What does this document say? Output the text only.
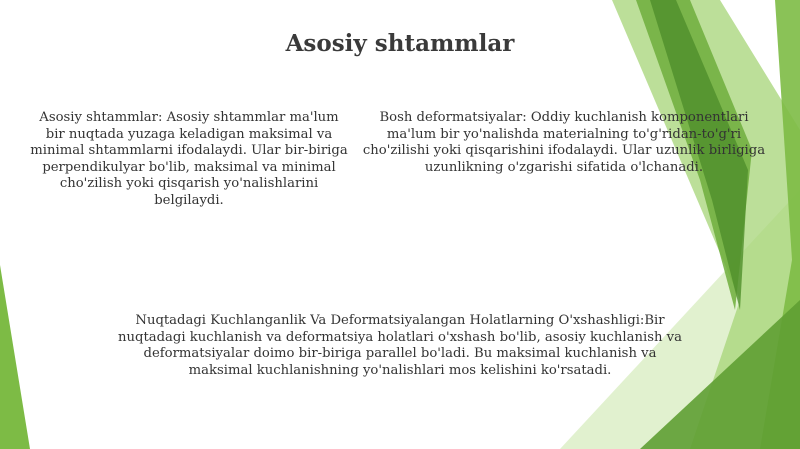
Asosiy shtammlar

Asosiy shtammlar: Asosiy shtammlar ma'lum bir nuqtada yuzaga keladigan maksimal va minimal shtammlarni ifodalaydi. Ular bir-biriga perpendikulyar bo'lib, maksimal va minimal cho'zilish yoki qisqarish yo'nalishlarini belgilaydi.

Bosh deformatsiyalar: Oddiy kuchlanish komponentlari ma'lum bir yo'nalishda materialning to'g'ridan-to'g'ri cho'zilishi yoki qisqarishini ifodalaydi. Ular uzunlik birligiga uzunlikning o'zgarishi sifatida o'lchanadi.

Nuqtadagi Kuchlanganlik Va Deformatsiyalangan Holatlarning O'xshashligi:Bir nuqtadagi kuchlanish va deformatsiya holatlari o'xshash bo'lib, asosiy kuchlanish va deformatsiyalar doimo bir-biriga parallel bo'ladi. Bu maksimal kuchlanish va maksimal kuchlanishning yo'nalishlari mos kelishini ko'rsatadi.
